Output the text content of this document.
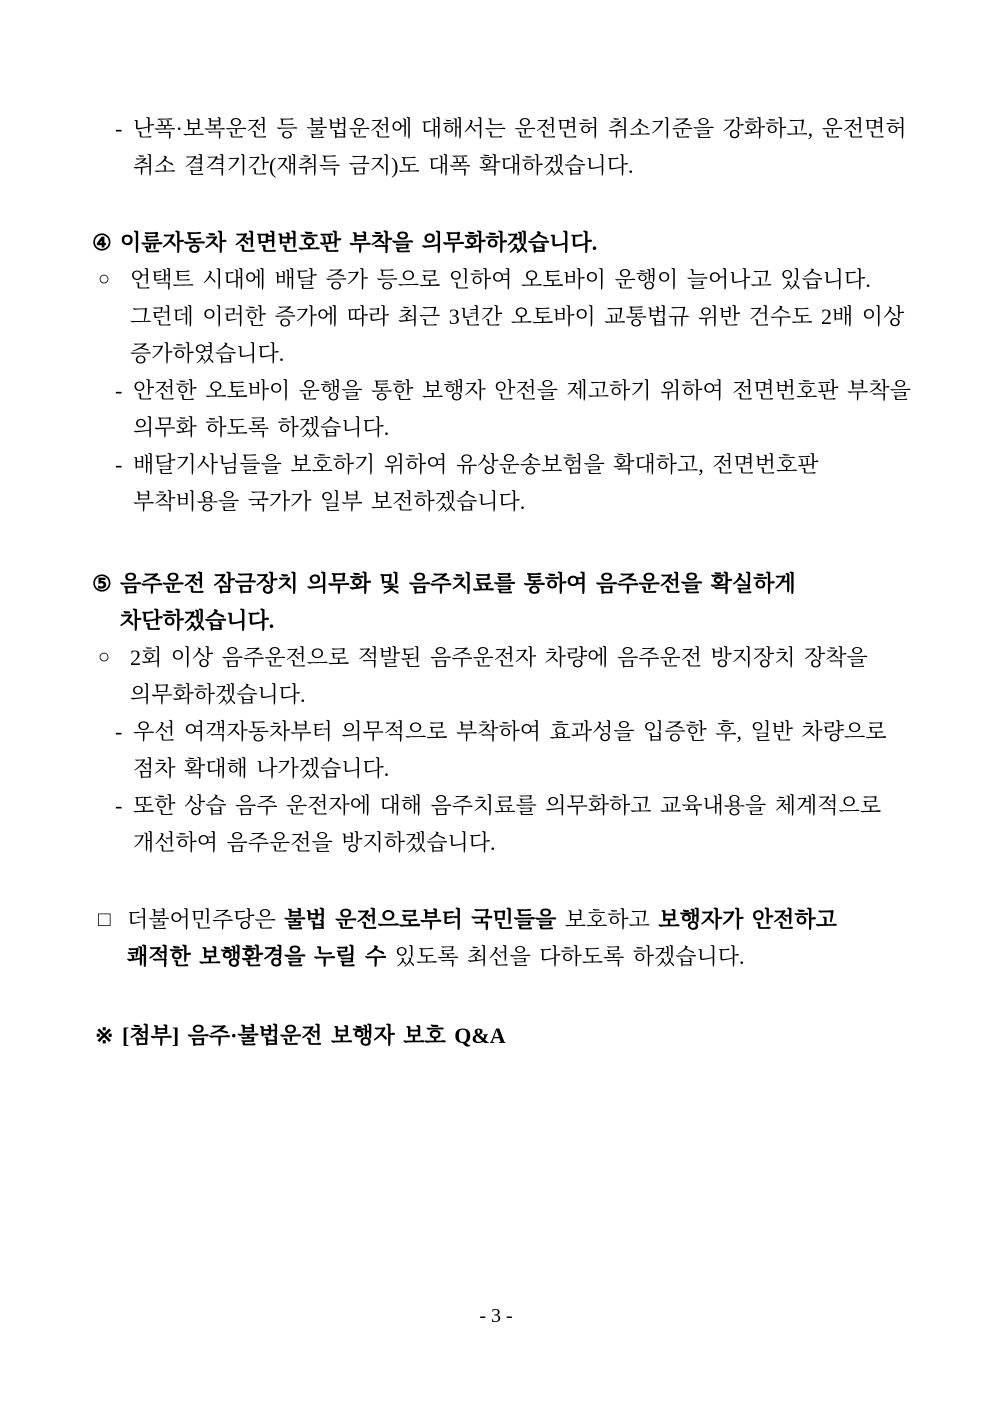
- 난폭·보복운전 등 불법운전에 대해서는 운전면허 취소기준을 강화하고, 운전면허
취소 결격기간(재취득 금지)도 대폭 확대하겠습니다.
④ 이륜자동차 전면번호판 부착을 의무화하겠습니다.
○ 언택트 시대에 배달 증가 등으로 인하여 오토바이 운행이 늘어나고 있습니다.
그런데 이러한 증가에 따라 최근 3년간 오토바이 교통법규 위반 건수도 2배 이상
증가하였습니다.
- 안전한 오토바이 운행을 통한 보행자 안전을 제고하기 위하여 전면번호판 부착을
의무화 하도록 하겠습니다.
- 배달기사님들을 보호하기 위하여 유상운송보험을 확대하고, 전면번호판
부착비용을 국가가 일부 보전하겠습니다.
⑤ 음주운전 잠금장치 의무화 및 음주치료를 통하여 음주운전을 확실하게
차단하겠습니다.
○ 2회 이상 음주운전으로 적발된 음주운전자 차량에 음주운전 방지장치 장착을
의무화하겠습니다.
- 우선 여객자동차부터 의무적으로 부착하여 효과성을 입증한 후, 일반 차량으로
점차 확대해 나가겠습니다.
- 또한 상습 음주 운전자에 대해 음주치료를 의무화하고 교육내용을 체계적으로
개선하여 음주운전을 방지하겠습니다.
□ 더불어민주당은 불법 운전으로부터 국민들을 보호하고 보행자가 안전하고
쾌적한 보행환경을 누릴 수 있도록 최선을 다하도록 하겠습니다.
※ [첨부] 음주·불법운전 보행자 보호 Q&A
- 3 -
